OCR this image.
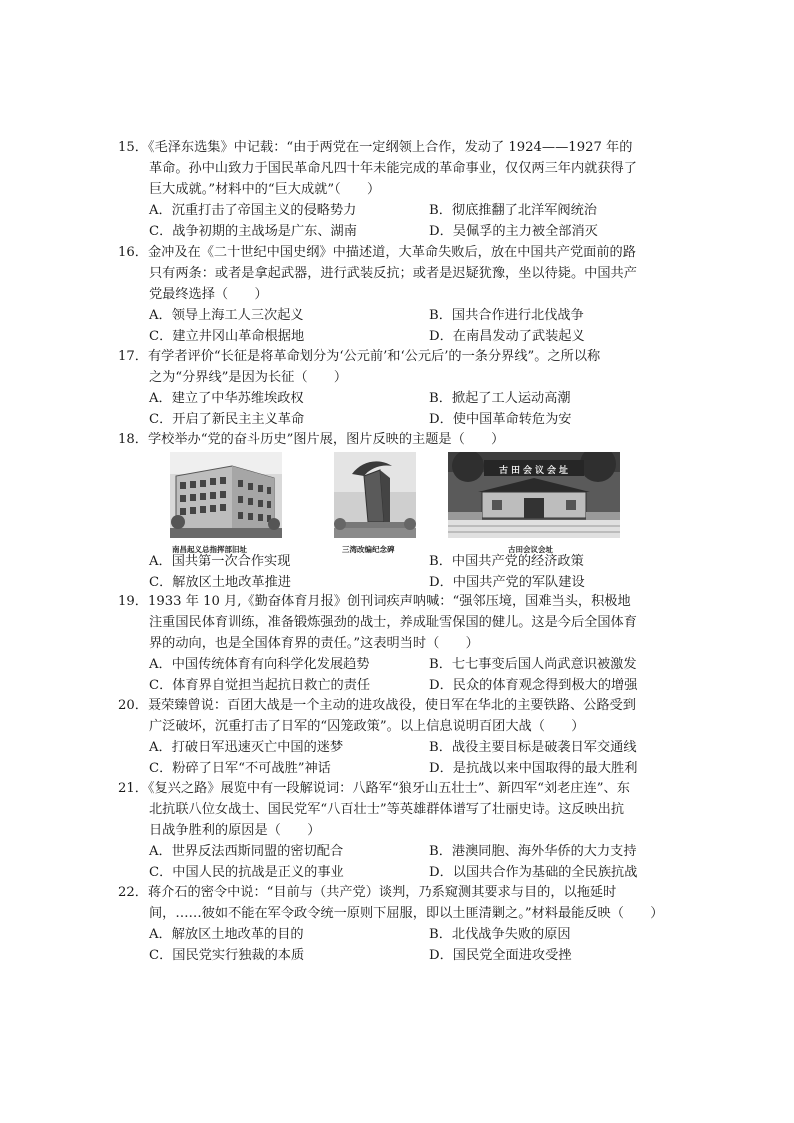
15．《毛泽东选集》中记载：“由于两党在一定纲领上合作，发动了 1924——1927 年的
革命。孙中山致力于国民革命凡四十年未能完成的革命事业，仅仅两三年内就获得了
巨大成就。”材料中的“巨大成就”（　　）
A．沉重打击了帝国主义的侵略势力	B．彻底推翻了北洋军阀统治
C．战争初期的主战场是广东、湖南	D．吴佩孚的主力被全部消灭
16．金冲及在《二十世纪中国史纲》中描述道，大革命失败后，放在中国共产党面前的路
只有两条：或者是拿起武器，进行武装反抗；或者是迟疑犹豫，坐以待毙。中国共产
党最终选择（　　）
A．领导上海工人三次起义	B．国共合作进行北伐战争
C．建立井冈山革命根据地	D．在南昌发动了武装起义
17．有学者评价“长征是将革命划分为‘公元前’和‘公元后’的一条分界线”。之所以称
之为“分界线”是因为长征（　　）
A．建立了中华苏维埃政权	B．掀起了工人运动高潮
C．开启了新民主主义革命	D．使中国革命转危为安
18．学校举办“党的奋斗历史”图片展，图片反映的主题是（　　）
南昌起义总指挥部旧址	三湾改编纪念碑
古田会议会址
古田会议会址
A．国共第一次合作实现	B．中国共产党的经济政策
C．解放区土地改革推进	D．中国共产党的军队建设
19．1933 年 10 月,《勤奋体育月报》创刊词疾声呐喊：“强邻压境，国难当头，积极地
注重国民体育训练，准备锻炼强劲的战士，养成耻雪保国的健儿。这是今后全国体育
界的动向，也是全国体育界的责任。”这表明当时（　　）
A．中国传统体育有向科学化发展趋势	B．七七事变后国人尚武意识被激发
C．体育界自觉担当起抗日救亡的责任	D．民众的体育观念得到极大的增强
20．聂荣臻曾说：百团大战是一个主动的进攻战役，使日军在华北的主要铁路、公路受到
广泛破坏，沉重打击了日军的“囚笼政策”。以上信息说明百团大战（　　）
A．打破日军迅速灭亡中国的迷梦	B．战役主要目标是破袭日军交通线
C．粉碎了日军“不可战胜”神话	D．是抗战以来中国取得的最大胜利
21．《复兴之路》展览中有一段解说词：八路军“狼牙山五壮士”、新四军“刘老庄连”、东
北抗联八位女战士、国民党军“八百壮士”等英雄群体谱写了壮丽史诗。这反映出抗
日战争胜利的原因是（　　）
A．世界反法西斯同盟的密切配合	B．港澳同胞、海外华侨的大力支持
C．中国人民的抗战是正义的事业	D．以国共合作为基础的全民族抗战
22．蒋介石的密令中说：“目前与（共产党）谈判，乃系窥测其要求与目的，以拖延时
间，……彼如不能在军令政令统一原则下屈服，即以土匪清剿之。”材料最能反映（　　）
A．解放区土地改革的目的	B．北伐战争失败的原因
C．国民党实行独裁的本质	D．国民党全面进攻受挫
